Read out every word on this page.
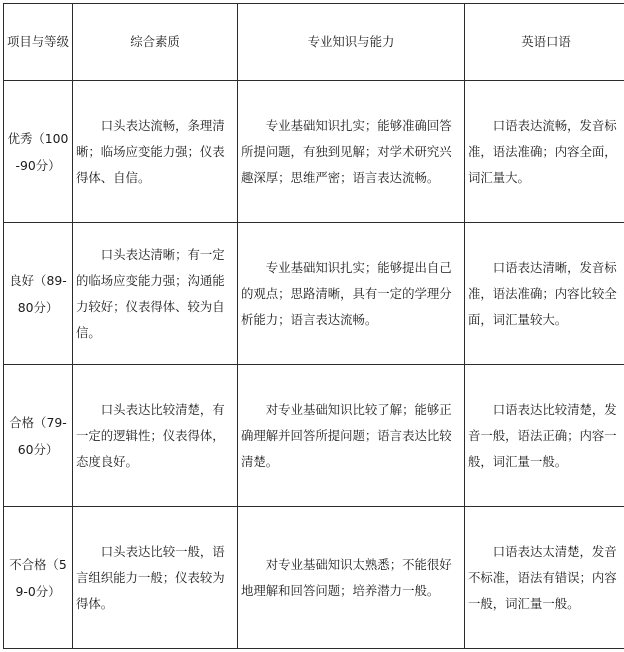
项目与等级	综合素质	专业知识与能力	英语口语
优秀（100-90分）	口头表达流畅，条理清晰；临场应变能力强；仪表得体、自信。	专业基础知识扎实；能够准确回答所提问题，有独到见解；对学术研究兴趣深厚；思维严密；语言表达流畅。	口语表达流畅，发音标准，语法准确；内容全面，词汇量大。
良好（89-80分）	口头表达清晰；有一定的临场应变能力强；沟通能力较好；仪表得体、较为自信。	专业基础知识扎实；能够提出自己的观点；思路清晰，具有一定的学理分析能力；语言表达流畅。	口语表达清晰，发音标准，语法准确；内容比较全面，词汇量较大。
合格（79-60分）	口头表达比较清楚，有一定的逻辑性；仪表得体，态度良好。	对专业基础知识比较了解；能够正确理解并回答所提问题；语言表达比较清楚。	口语表达比较清楚，发音一般，语法正确；内容一般，词汇量一般。
不合格（59-0分）	口头表达比较一般，语言组织能力一般；仪表较为得体。	对专业基础知识太熟悉；不能很好地理解和回答问题；培养潜力一般。	口语表达太清楚，发音不标准，语法有错误；内容一般，词汇量一般。
